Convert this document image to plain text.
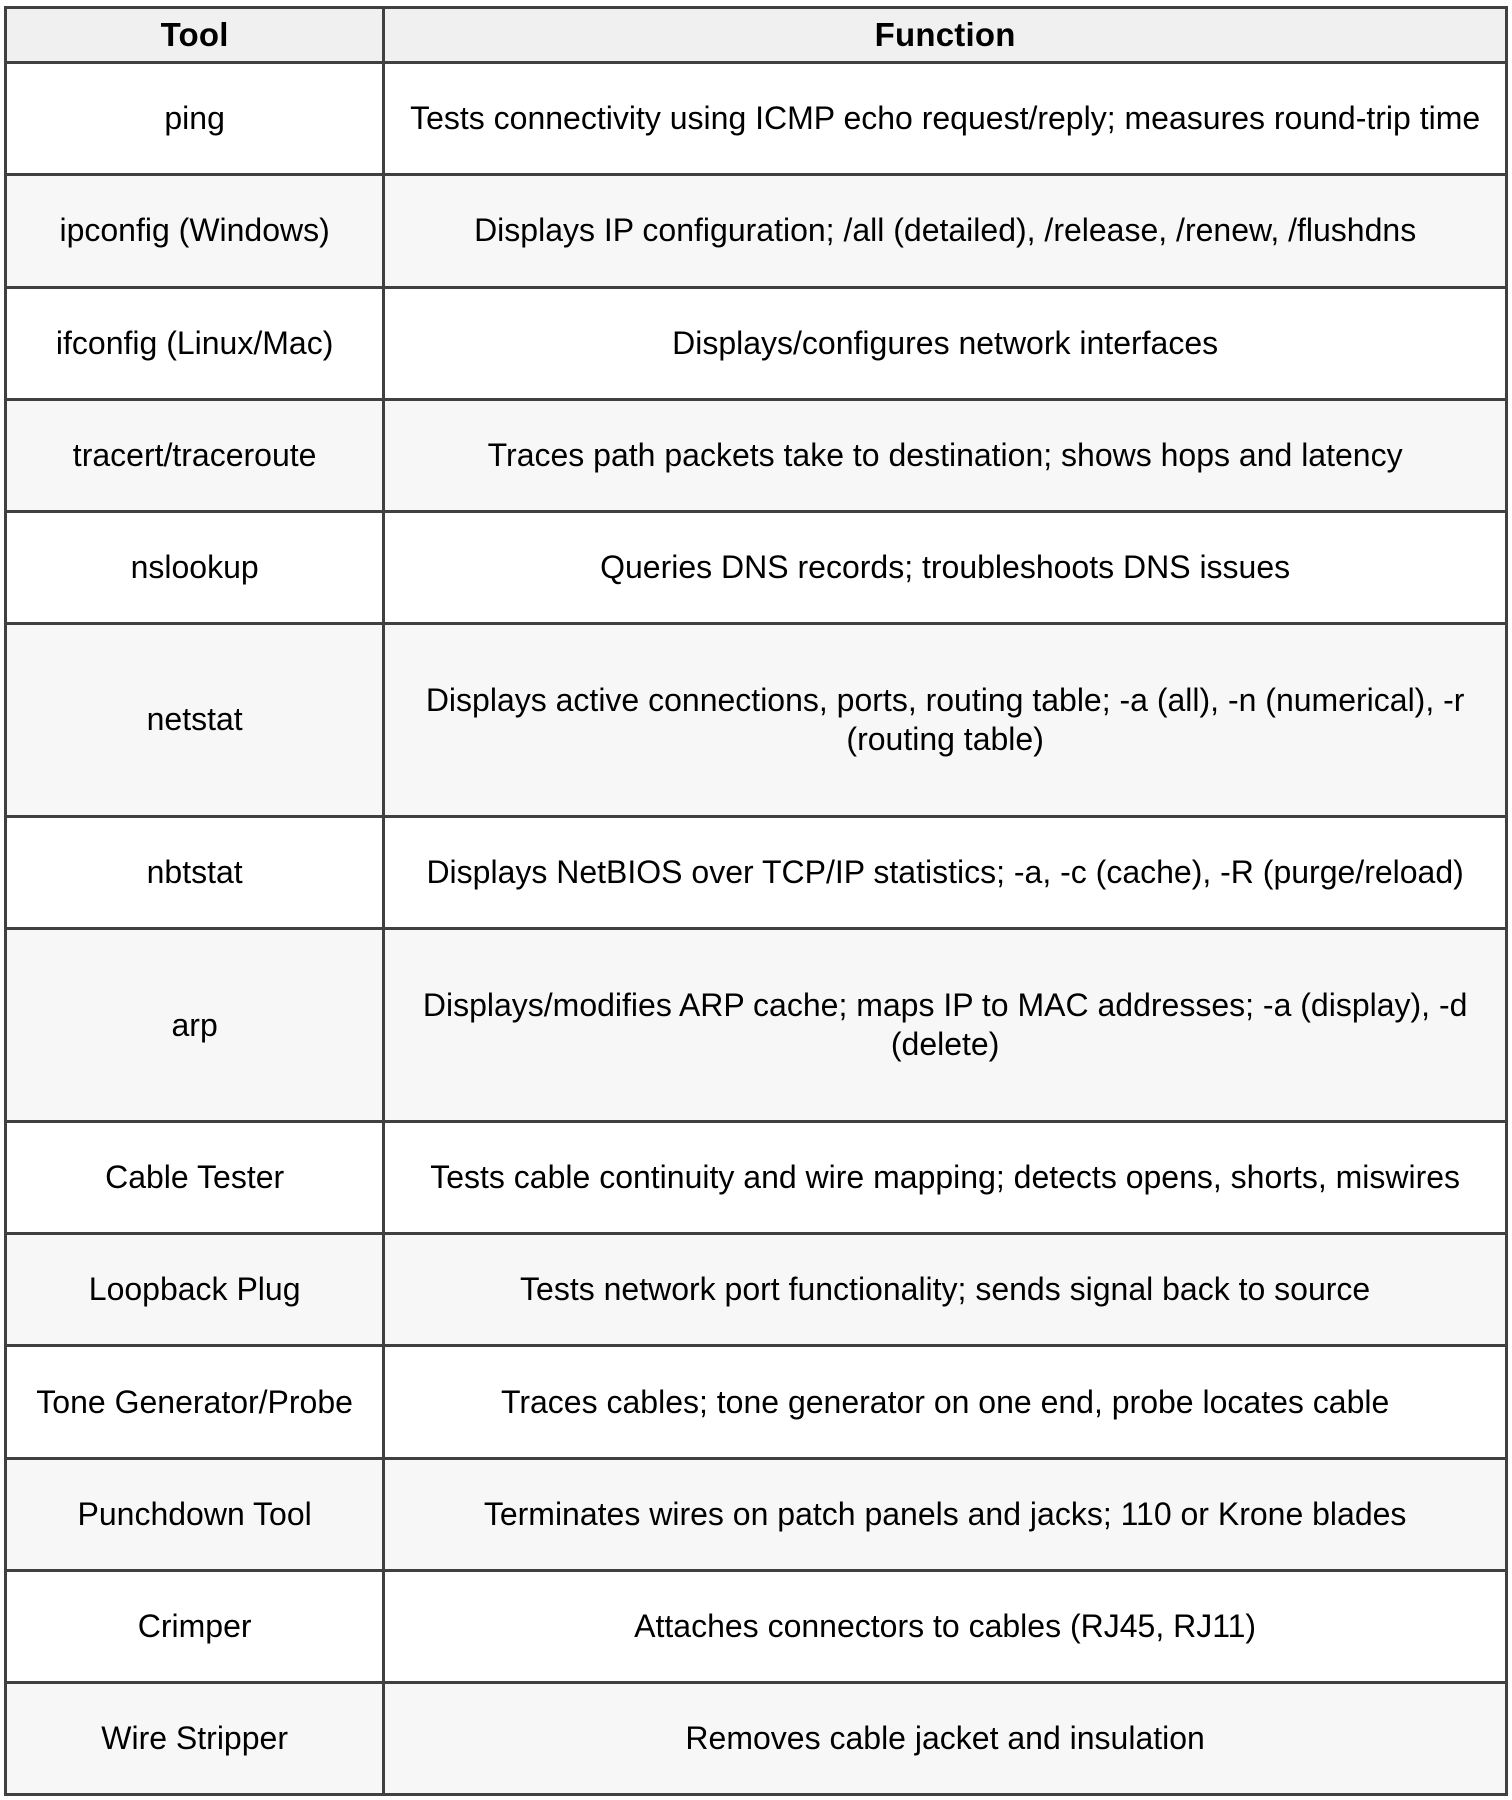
Tool	Function
ping	Tests connectivity using ICMP echo request/reply; measures round-trip time
ipconfig (Windows)	Displays IP configuration; /all (detailed), /release, /renew, /flushdns
ifconfig (Linux/Mac)	Displays/configures network interfaces
tracert/traceroute	Traces path packets take to destination; shows hops and latency
nslookup	Queries DNS records; troubleshoots DNS issues
netstat	Displays active connections, ports, routing table; -a (all), -n (numerical), -r (routing table)
nbtstat	Displays NetBIOS over TCP/IP statistics; -a, -c (cache), -R (purge/reload)
arp	Displays/modifies ARP cache; maps IP to MAC addresses; -a (display), -d (delete)
Cable Tester	Tests cable continuity and wire mapping; detects opens, shorts, miswires
Loopback Plug	Tests network port functionality; sends signal back to source
Tone Generator/Probe	Traces cables; tone generator on one end, probe locates cable
Punchdown Tool	Terminates wires on patch panels and jacks; 110 or Krone blades
Crimper	Attaches connectors to cables (RJ45, RJ11)
Wire Stripper	Removes cable jacket and insulation
